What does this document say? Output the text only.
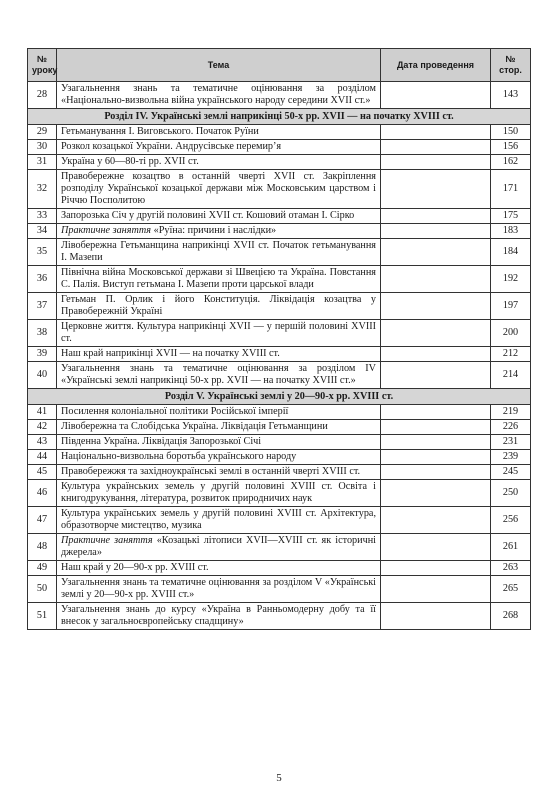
№ уроку	Тема	Дата проведення	№ стор.
28	Узагальнення знань та тематичне оцінювання за розділом «Національно-визвольна війна українського народу середини XVII ст.»		143
Розділ IV. Українські землі наприкінці 50-х рр. XVII — на початку XVIII ст.			
29	Гетьманування І. Виговського. Початок Руїни		150
30	Розкол козацької України. Андрусівське перемир’я		156
31	Україна у 60—80-ті рр. XVII ст.		162
32	Правобережне козацтво в останній чверті XVII ст. Закріплення розподілу Української козацької держави між Московським царством і Річчю Посполитою		171
33	Запорозька Січ у другій половині XVII ст. Кошовий отаман І. Сірко		175
34	Практичне заняття «Руїна: причини і наслідки»		183
35	Лівобережна Гетьманщина наприкінці XVII ст. Початок гетьманування І. Мазепи		184
36	Північна війна Московської держави зі Швецією та Україна. Повстання С. Палія. Виступ гетьмана І. Мазепи проти царської влади		192
37	Гетьман П. Орлик і його Конституція. Ліквідація козацтва у Правобережній Україні		197
38	Церковне життя. Культура наприкінці XVII — у першій половині XVIII ст.		200
39	Наш край наприкінці XVII — на початку XVIII ст.		212
40	Узагальнення знань та тематичне оцінювання за розділом IV «Українські землі наприкінці 50-х рр. XVII — на початку XVIII ст.»		214
Розділ V. Українські землі у 20—90-х рр. XVIII ст.			
41	Посилення колоніальної політики Російської імперії		219
42	Лівобережна та Слобідська Україна. Ліквідація Гетьманщини		226
43	Південна Україна. Ліквідація Запорозької Січі		231
44	Національно-визвольна боротьба українського народу		239
45	Правобережжя та західноукраїнські землі в останній чверті XVIII ст.		245
46	Культура українських земель у другій половині XVIII ст. Освіта і книгодрукування, література, розвиток природничих наук		250
47	Культура українських земель у другій половині XVIII ст. Архітектура, образотворче мистецтво, музика		256
48	Практичне заняття «Козацькі літописи XVII—XVIII ст. як історичні джерела»		261
49	Наш край у 20—90-х рр. XVIII ст.		263
50	Узагальнення знань та тематичне оцінювання за розділом V «Українські землі у 20—90-х рр. XVIII ст.»		265
51	Узагальнення знань до курсу «Україна в Ранньомодерну добу та її внесок у загальноєвропейську спадщину»		268
5
